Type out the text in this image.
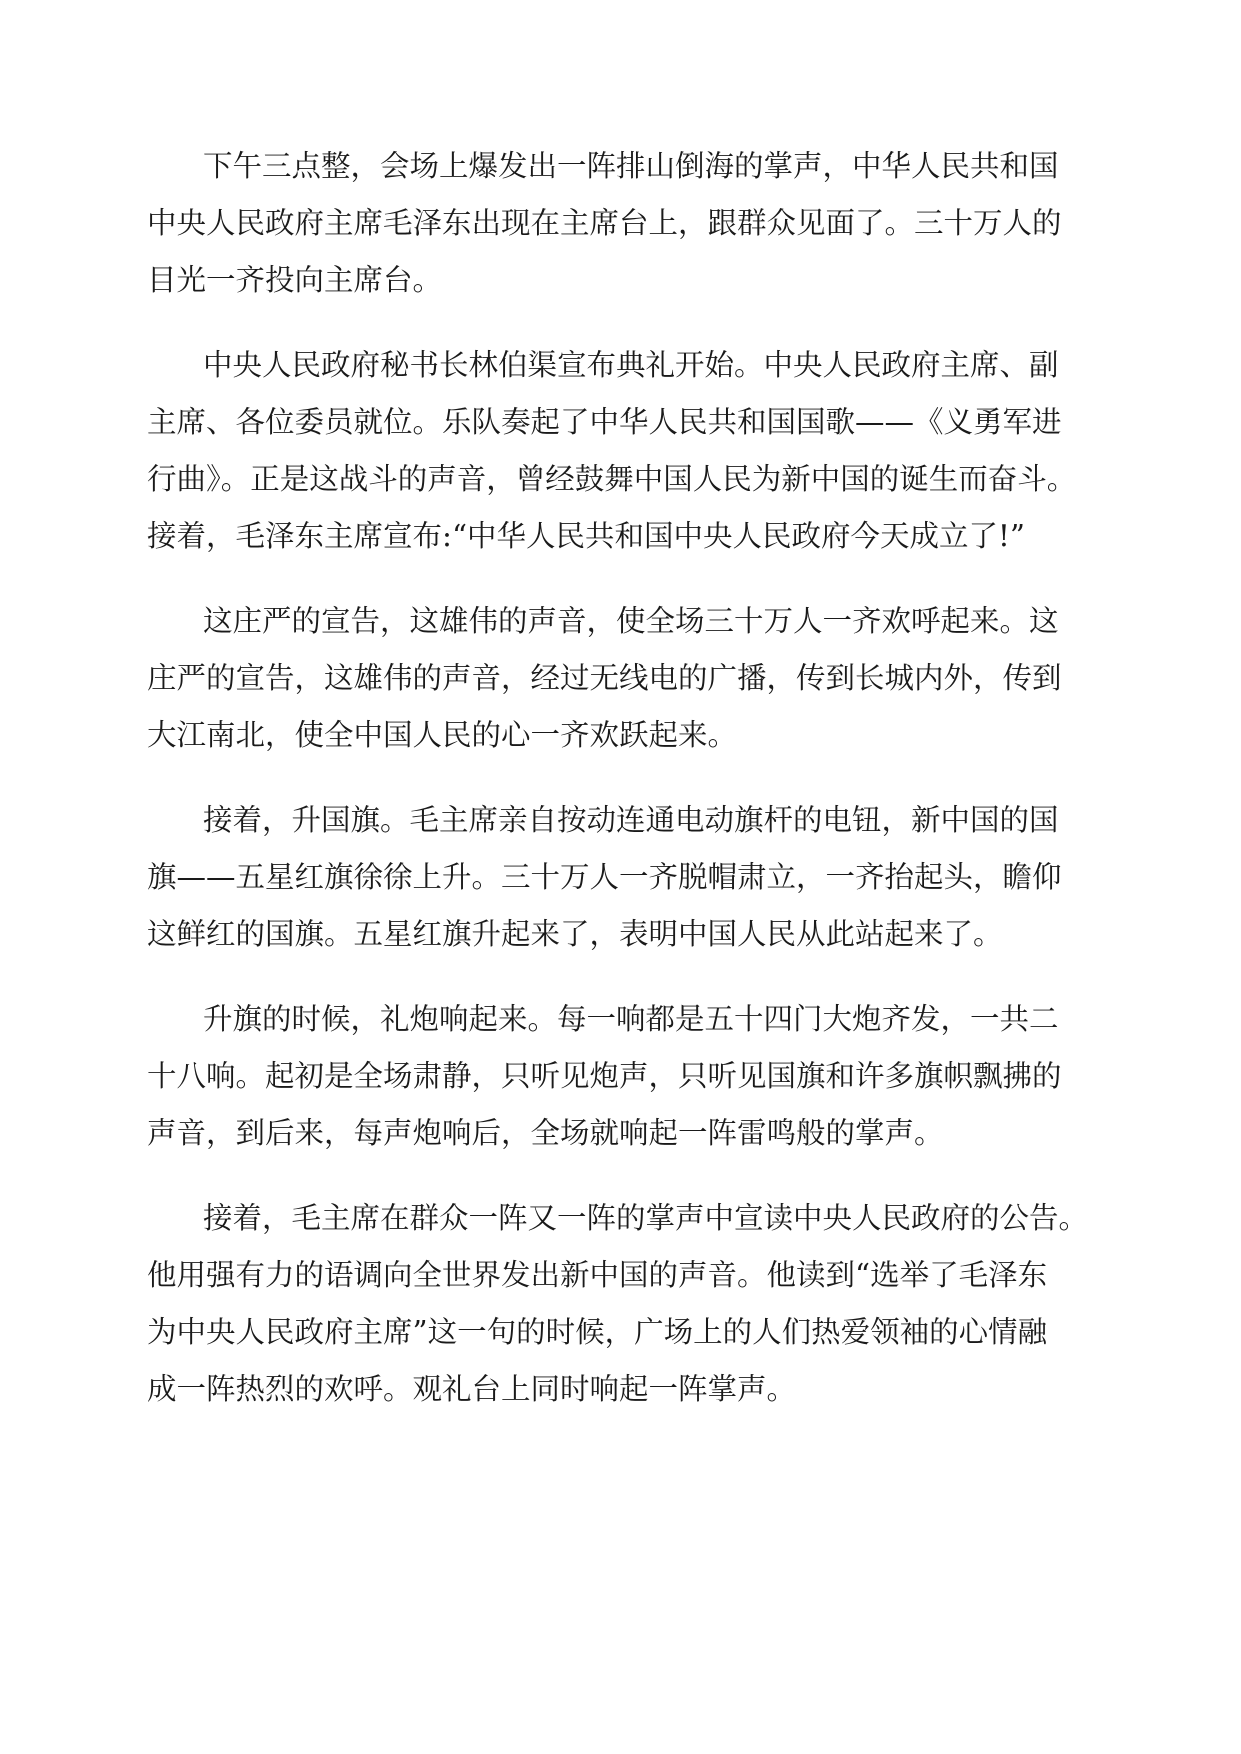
下午三点整，会场上爆发出一阵排山倒海的掌声，中华人民共和国

中央人民政府主席毛泽东出现在主席台上，跟群众见面了。三十万人的

目光一齐投向主席台。

中央人民政府秘书长林伯渠宣布典礼开始。中央人民政府主席、副

主席、各位委员就位。乐队奏起了中华人民共和国国歌——《义勇军进

行曲》。正是这战斗的声音，曾经鼓舞中国人民为新中国的诞生而奋斗。

接着，毛泽东主席宣布:“中华人民共和国中央人民政府今天成立了!”

这庄严的宣告，这雄伟的声音，使全场三十万人一齐欢呼起来。这

庄严的宣告，这雄伟的声音，经过无线电的广播，传到长城内外，传到

大江南北，使全中国人民的心一齐欢跃起来。

接着，升国旗。毛主席亲自按动连通电动旗杆的电钮，新中国的国

旗——五星红旗徐徐上升。三十万人一齐脱帽肃立，一齐抬起头，瞻仰

这鲜红的国旗。五星红旗升起来了，表明中国人民从此站起来了。

升旗的时候，礼炮响起来。每一响都是五十四门大炮齐发，一共二

十八响。起初是全场肃静，只听见炮声，只听见国旗和许多旗帜飘拂的

声音，到后来，每声炮响后，全场就响起一阵雷鸣般的掌声。

接着，毛主席在群众一阵又一阵的掌声中宣读中央人民政府的公告。

他用强有力的语调向全世界发出新中国的声音。他读到“选举了毛泽东

为中央人民政府主席”这一句的时候，广场上的人们热爱领袖的心情融

成一阵热烈的欢呼。观礼台上同时响起一阵掌声。
